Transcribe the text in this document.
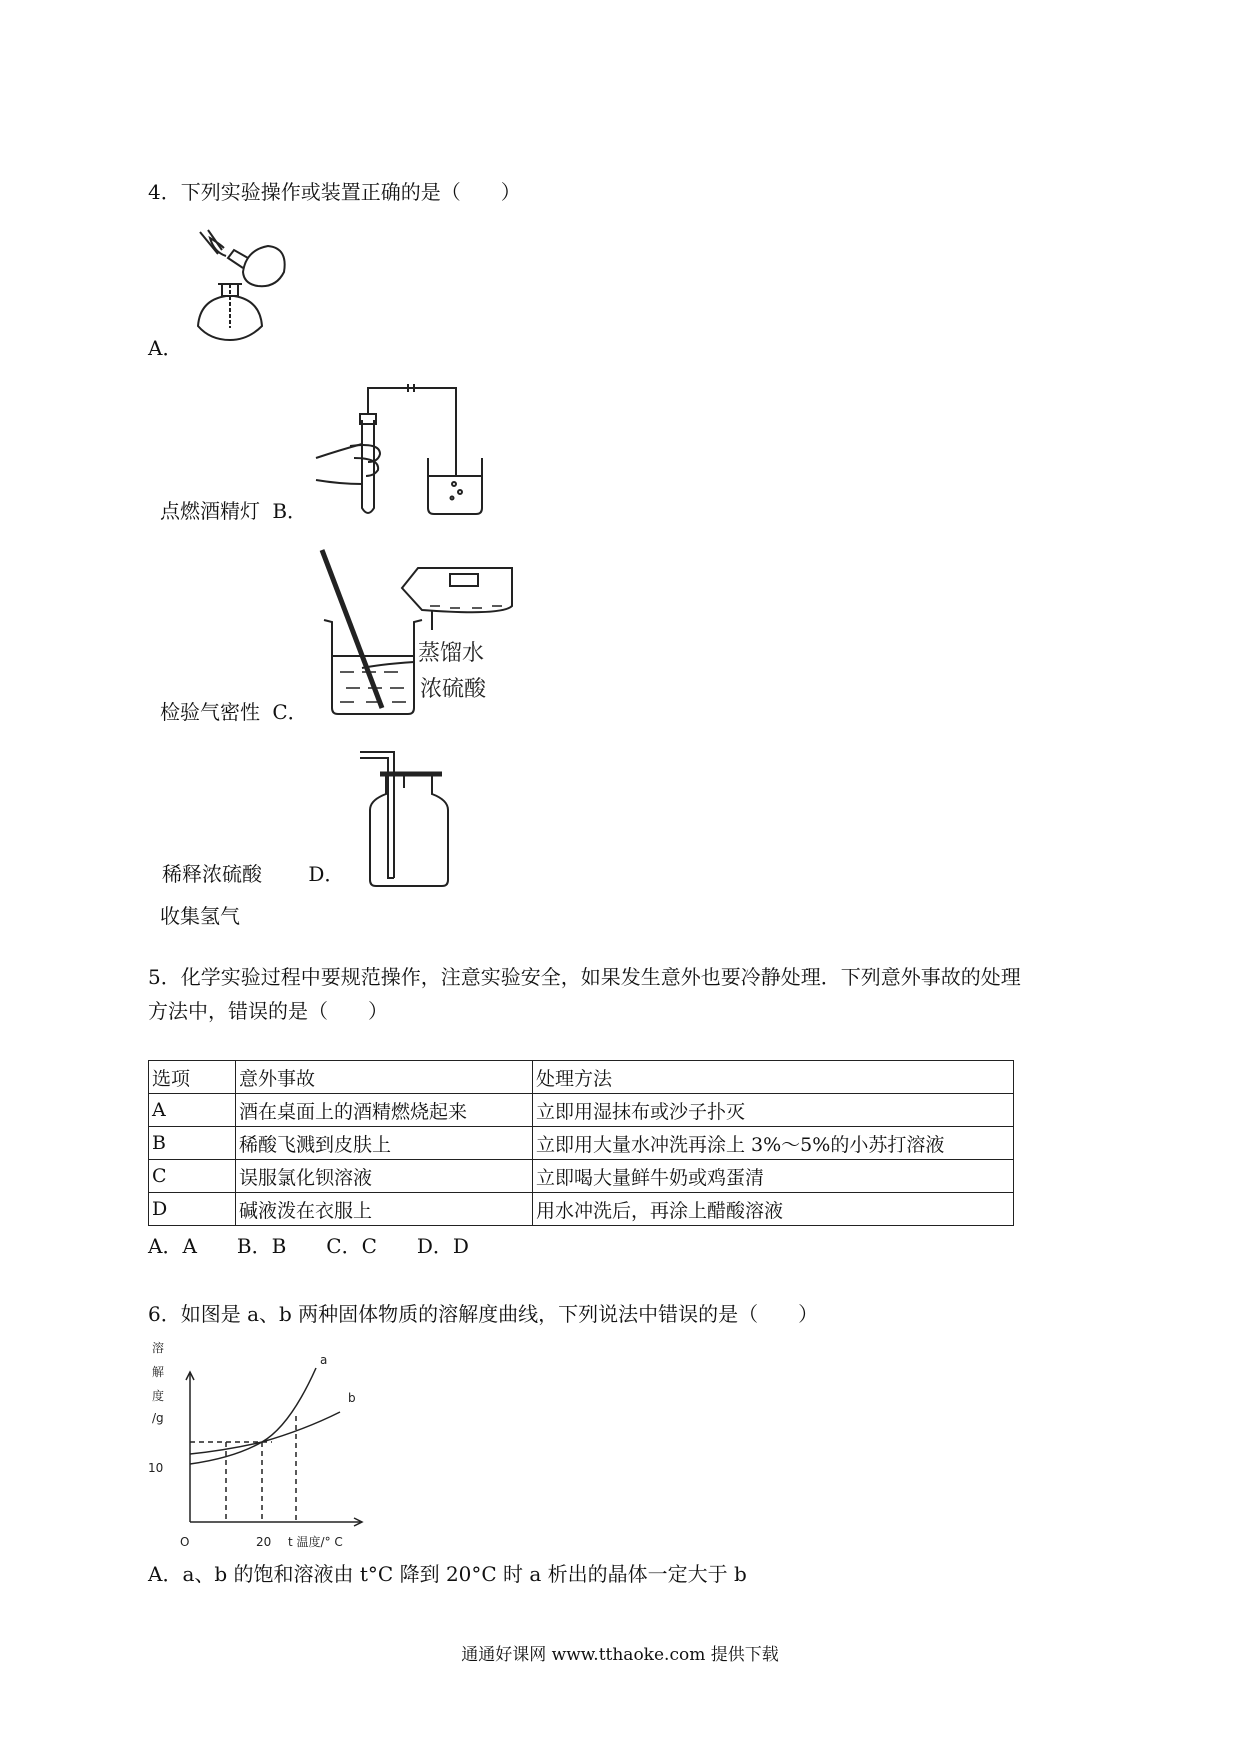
4．下列实验操作或装置正确的是（　　）
A．
点燃酒精灯 B．
蒸馏水
浓硫酸
检验气密性 C．
稀释浓硫酸 D．
收集氢气
5．化学实验过程中要规范操作，注意实验安全，如果发生意外也要冷静处理．下列意外事故的处理
方法中，错误的是（　　）
选项	意外事故	处理方法
A	酒在桌面上的酒精燃烧起来	立即用湿抹布或沙子扑灭
B	稀酸飞溅到皮肤上	立即用大量水冲洗再涂上 3%～5%的小苏打溶液
C	误服氯化钡溶液	立即喝大量鲜牛奶或鸡蛋清
D	碱液泼在衣服上	用水冲洗后，再涂上醋酸溶液
A．A　　B．B　　C．C　　D．D
6．如图是 a、b 两种固体物质的溶解度曲线，下列说法中错误的是（　　）
溶
解
度
/g
10
O	20 t 温度/° C
a
b
A．a、b 的饱和溶液由 t°C 降到 20°C 时 a 析出的晶体一定大于 b
通通好课网 www.tthaoke.com 提供下载
